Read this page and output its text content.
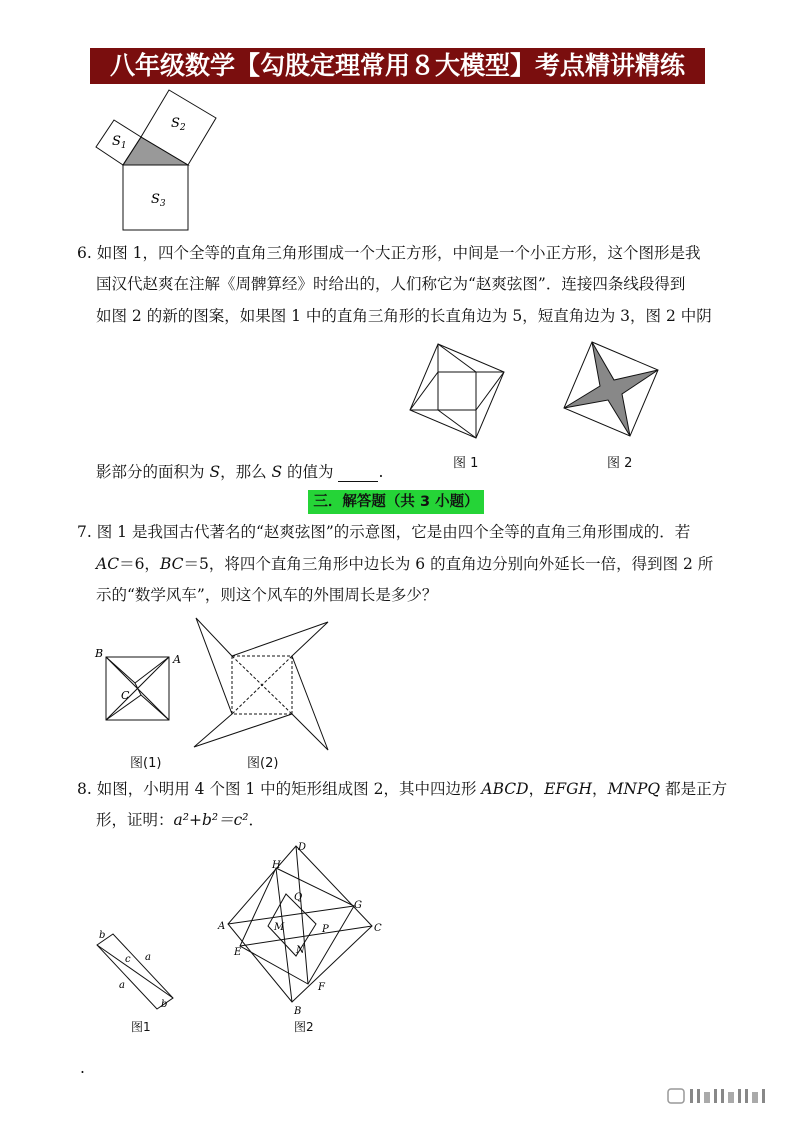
八年级数学【勾股定理常用８大模型】考点精讲精练
$S_1$
$S_2$
$S_3$
6. 如图 1，四个全等的直角三角形围成一个大正方形，中间是一个小正方形，这个图形是我
国汉代赵爽在注解《周髀算经》时给出的，人们称它为“赵爽弦图”．连接四条线段得到
如图 2 的新的图案，如果图 1 中的直角三角形的长直角边为 5，短直角边为 3，图 2 中阴
图 1	图 2
影部分的面积为 S，那么 S 的值为	.
三．解答题（共 3 小题）
7. 图 1 是我国古代著名的“赵爽弦图”的示意图，它是由四个全等的直角三角形围成的．若
AC＝6，BC＝5，将四个直角三角形中边长为 6 的直角边分别向外延长一倍，得到图 2 所
示的“数学风车”，则这个风车的外围周长是多少？
B	A
C
图(1)	图(2)
8. 如图，小明用 4 个图 1 中的矩形组成图 2，其中四边形 ABCD，EFGH，MNPQ 都是正方
形，证明：a²+b²＝c²．
b
a
c
a
b
图1
D
H
Q
G
A	M	P	C
E	N
F
B
图2
.
